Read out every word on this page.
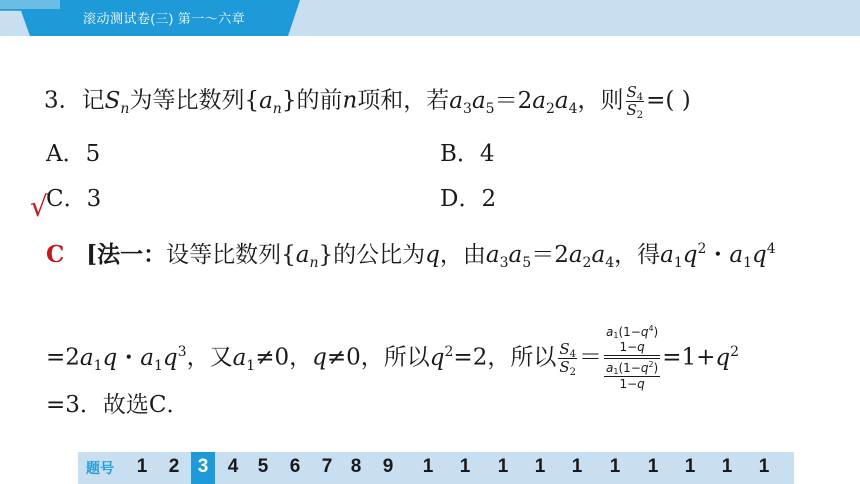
滚动测试卷(三) 第一～六章
3．记$S_n$为等比数列$\{a_n\}$的前n项和，若$a_3a_5=2a_2a_4$，则 $\frac{S_4}{S_2}$ =( )
A．5	B．4
√
C．3	D．2
C [法一：设等比数列$\{a_n\}$的公比为q，由$a_3a_5=2a_2a_4$，得$a_1q^2$・$a_1q^4$
$=2a_1q$・$a_1q^3$，又$a_1\ne 0$，q≠0，所以$q^2=2$，所以 $\frac{S_4}{S_2}$ ＝
$a_1(1-q^4)$
1−q
$a_1(1-q^2)$
1−q
$=1+q^2$
=3．故选C．
题号	1	2 3	4	5	6	7 8	9	1	1	1	1	1	1	1	1	1	1
